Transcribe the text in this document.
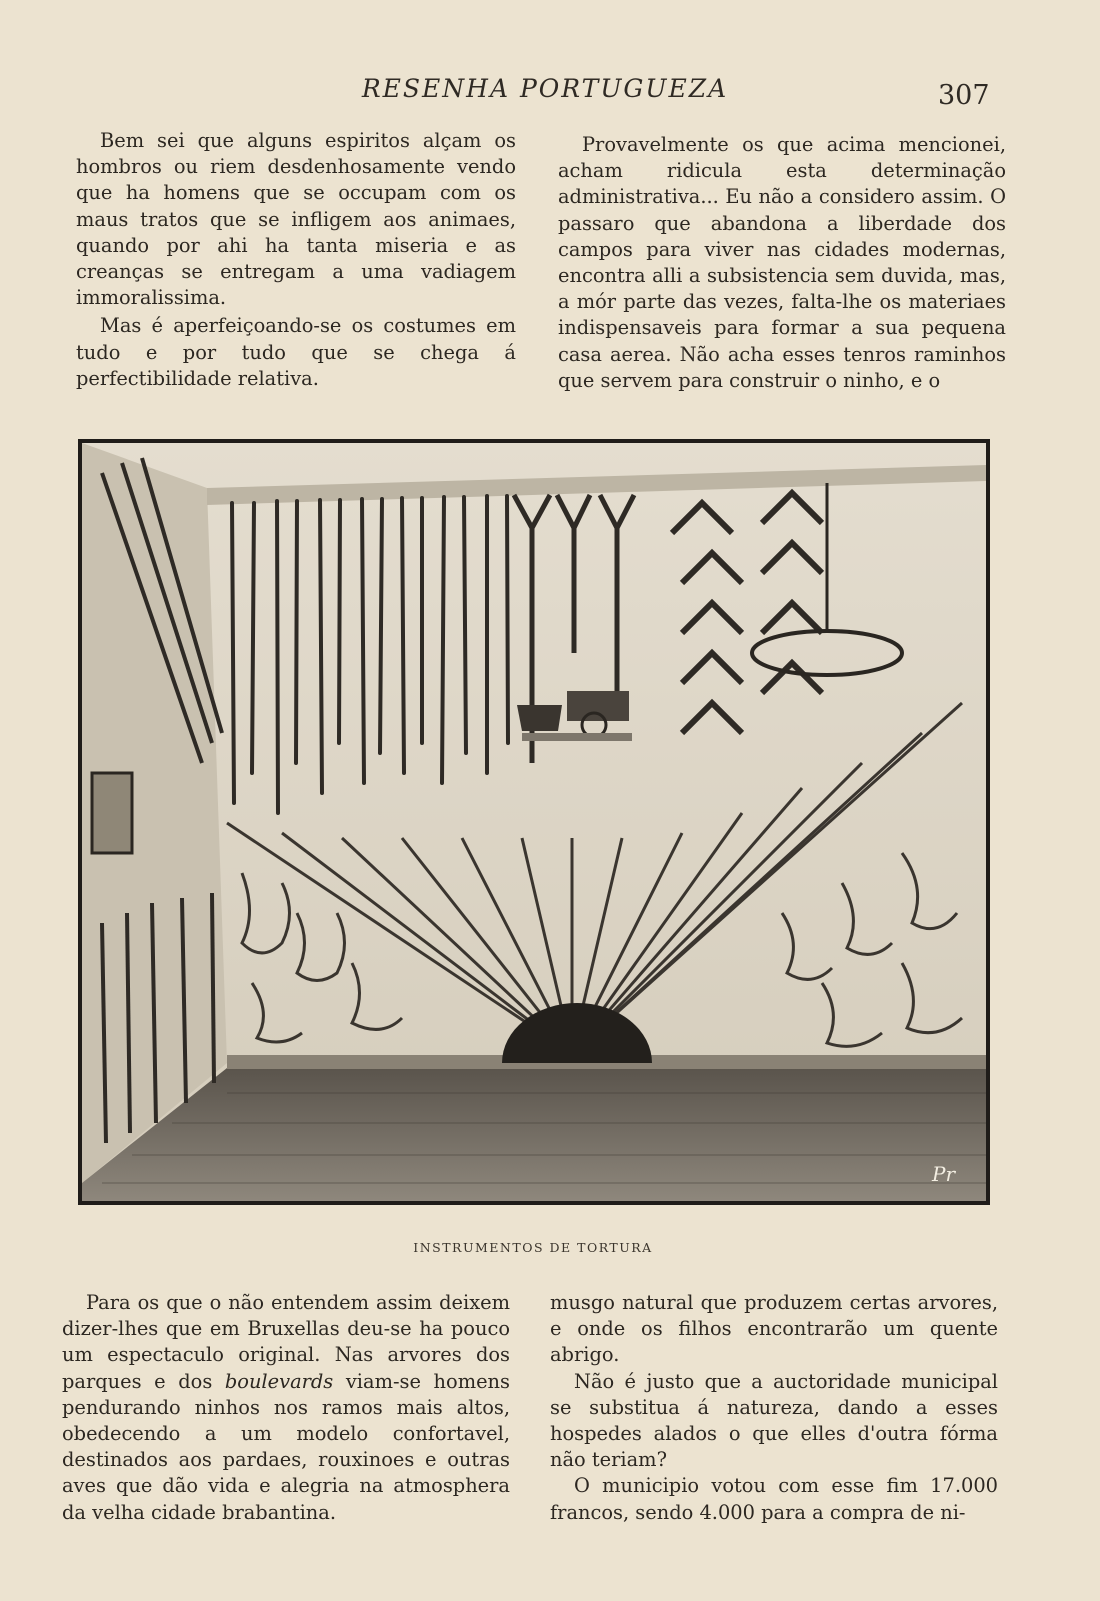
RESENHA PORTUGUEZA	307

Bem sei que alguns espiritos alçam os hombros ou riem desdenhosamente vendo que ha homens que se occupam com os maus tratos que se infligem aos animaes, quando por ahi ha tanta miseria e as creanças se entregam a uma vadiagem immoralissima.

Mas é aperfeiçoando-se os costumes em tudo e por tudo que se chega á perfectibilidade relativa.

Provavelmente os que acima mencionei, acham ridicula esta determinação administrativa... Eu não a considero assim. O passaro que abandona a liberdade dos campos para viver nas cidades modernas, encontra alli a subsistencia sem duvida, mas, a mór parte das vezes, falta-lhe os materiaes indispensaveis para formar a sua pequena casa aerea. Não acha esses tenros raminhos que servem para construir o ninho, e o

Pr
INSTRUMENTOS DE TORTURA

Para os que o não entendem assim deixem dizer-lhes que em Bruxellas deu-se ha pouco um espectaculo original. Nas arvores dos parques e dos boulevards viam-se homens pendurando ninhos nos ramos mais altos, obedecendo a um modelo confortavel, destinados aos pardaes, rouxinoes e outras aves que dão vida e alegria na atmosphera da velha cidade brabantina.

musgo natural que produzem certas arvores, e onde os filhos encontrarão um quente abrigo.

Não é justo que a auctoridade municipal se substitua á natureza, dando a esses hospedes alados o que elles d'outra fórma não teriam?

O municipio votou com esse fim 17.000 francos, sendo 4.000 para a compra de ni-
